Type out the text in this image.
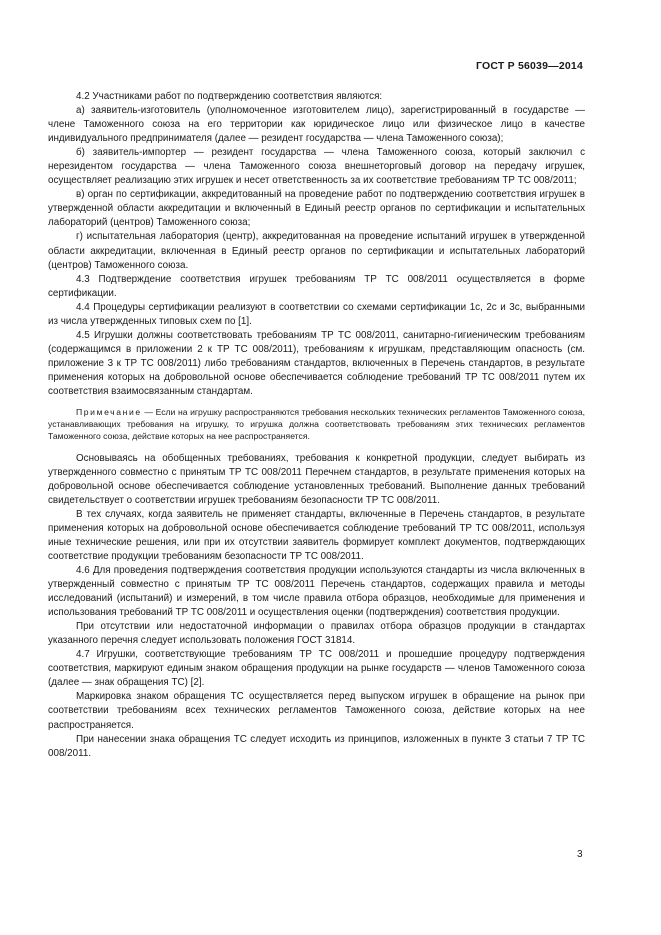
ГОСТ Р 56039—2014

4.2 Участниками работ по подтверждению соответствия являются:

а) заявитель-изготовитель (уполномоченное изготовителем лицо), зарегистрированный в государстве — члене Таможенного союза на его территории как юридическое лицо или физическое лицо в качестве индивидуального предпринимателя (далее — резидент государства — члена Таможенного союза);

б) заявитель-импортер — резидент государства — члена Таможенного союза, который заключил с нерезидентом государства — члена Таможенного союза внешнеторговый договор на передачу игрушек, осуществляет реализацию этих игрушек и несет ответственность за их соответствие требованиям ТР ТС 008/2011;

в) орган по сертификации, аккредитованный на проведение работ по подтверждению соответствия игрушек в утвержденной области аккредитации и включенный в Единый реестр органов по сертификации и испытательных лабораторий (центров) Таможенного союза;

г) испытательная лаборатория (центр), аккредитованная на проведение испытаний игрушек в утвержденной области аккредитации, включенная в Единый реестр органов по сертификации и испытательных лабораторий (центров) Таможенного союза.

4.3 Подтверждение соответствия игрушек требованиям ТР ТС 008/2011 осуществляется в форме сертификации.

4.4 Процедуры сертификации реализуют в соответствии со схемами сертификации 1с, 2с и 3с, выбранными из числа утвержденных типовых схем по [1].

4.5 Игрушки должны соответствовать требованиям ТР ТС 008/2011, санитарно-гигиеническим требованиям (содержащимся в приложении 2 к ТР ТС 008/2011), требованиям к игрушкам, представляющим опасность (см. приложение 3 к ТР ТС 008/2011) либо требованиям стандартов, включенных в Перечень стандартов, в результате применения которых на добровольной основе обеспечивается соблюдение требований ТР ТС 008/2011 путем их соответствия взаимосвязанным стандартам.

Примечание — Если на игрушку распространяются требования нескольких технических регламентов Таможенного союза, устанавливающих требования на игрушку, то игрушка должна соответствовать требованиям этих технических регламентов Таможенного союза, действие которых на нее распространяется.

Основываясь на обобщенных требованиях, требования к конкретной продукции, следует выбирать из утвержденного совместно с принятым ТР ТС 008/2011 Перечнем стандартов, в результате применения которых на добровольной основе обеспечивается соблюдение установленных требований. Выполнение данных требований свидетельствует о соответствии игрушек требованиям безопасности ТР ТС 008/2011.

В тех случаях, когда заявитель не применяет стандарты, включенные в Перечень стандартов, в результате применения которых на добровольной основе обеспечивается соблюдение требований ТР ТС 008/2011, используя иные технические решения, или при их отсутствии заявитель формирует комплект документов, подтверждающих соответствие продукции требованиям безопасности ТР ТС 008/2011.

4.6 Для проведения подтверждения соответствия продукции используются стандарты из числа включенных в утвержденный совместно с принятым ТР ТС 008/2011 Перечень стандартов, содержащих правила и методы исследований (испытаний) и измерений, в том числе правила отбора образцов, необходимые для применения и использования требований ТР ТС 008/2011 и осуществления оценки (подтверждения) соответствия продукции.

При отсутствии или недостаточной информации о правилах отбора образцов продукции в стандартах указанного перечня следует использовать положения ГОСТ 31814.

4.7 Игрушки, соответствующие требованиям ТР ТС 008/2011 и прошедшие процедуру подтверждения соответствия, маркируют единым знаком обращения продукции на рынке государств — членов Таможенного союза (далее — знак обращения ТС) [2].

Маркировка знаком обращения ТС осуществляется перед выпуском игрушек в обращение на рынок при соответствии требованиям всех технических регламентов Таможенного союза, действие которых на нее распространяется.

При нанесении знака обращения ТС следует исходить из принципов, изложенных в пункте 3 статьи 7 ТР ТС 008/2011.

3
